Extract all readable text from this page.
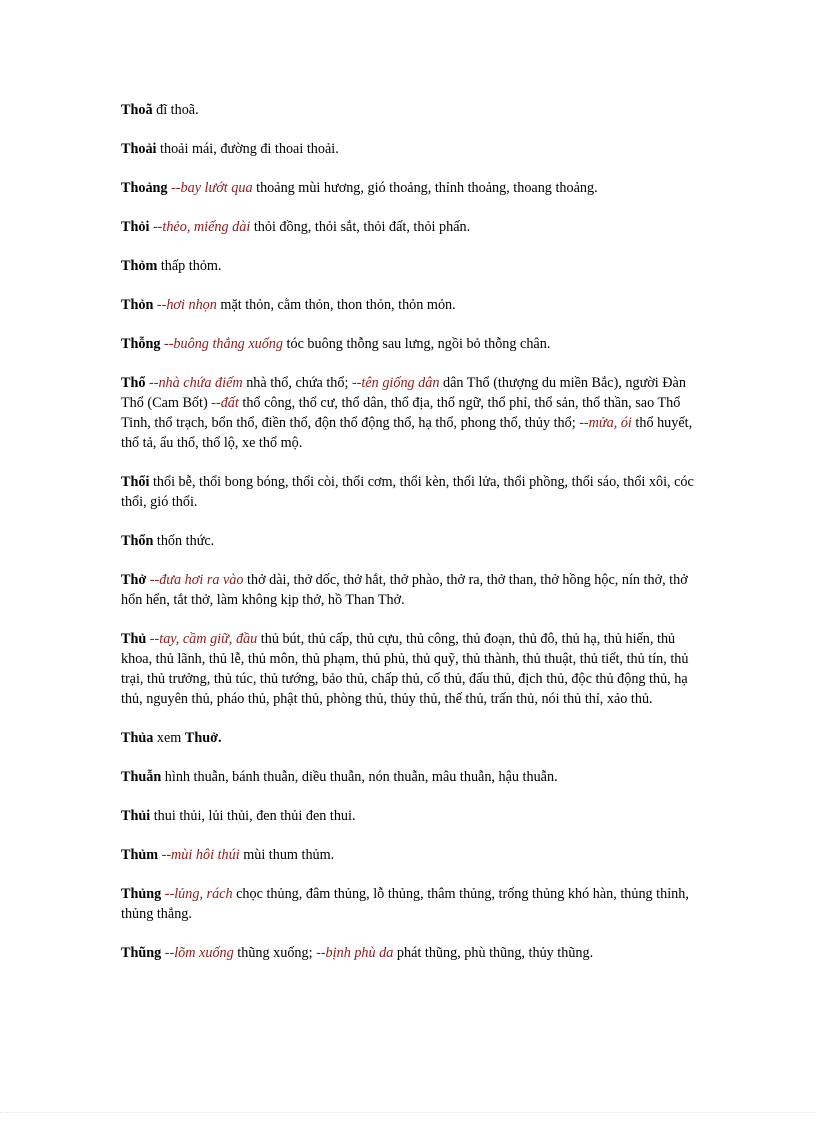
Thoã đĩ thoã.

Thoải thoải mái, đường đi thoai thoải.

Thoảng --bay lướt qua thoảng mùi hương, gió thoảng, thỉnh thoảng, thoang thoảng.

Thỏi --thẻo, miếng dài thỏi đồng, thỏi sắt, thỏi đất, thỏi phấn.

Thỏm thấp thỏm.

Thỏn --hơi nhọn mặt thỏn, cằm thỏn, thon thỏn, thỏn mỏn.

Thỗng --buông thẳng xuống tóc buông thỗng sau lưng, ngồi bỏ thỗng chân.

Thổ --nhà chứa điếm nhà thổ, chứa thổ; --tên giống dân dân Thổ (thượng du miền Bắc), người Đàn Thổ (Cam Bốt) --đất thổ công, thổ cư, thổ dân, thổ địa, thổ ngữ, thổ phỉ, thổ sản, thổ thần, sao Thổ Tinh, thổ trạch, bổn thổ, điền thổ, độn thổ động thổ, hạ thổ, phong thổ, thủy thổ; --mửa, ói thổ huyết, thổ tả, ẩu thổ, thổ lộ, xe thổ mộ.

Thổi thổi bễ, thổi bong bóng, thổi còi, thổi cơm, thổi kèn, thổi lửa, thổi phồng, thổi sáo, thổi xôi, cóc thổi, gió thổi.

Thổn thổn thức.

Thở --đưa hơi ra vào thở dài, thở dốc, thở hắt, thở phào, thở ra, thở than, thở hồng hộc, nín thở, thở hổn hển, tắt thở, làm không kịp thở, hồ Than Thở.

Thủ --tay, cầm giữ, đầu thủ bút, thủ cấp, thủ cựu, thủ công, thủ đoạn, thủ đô, thủ hạ, thủ hiến, thủ khoa, thủ lãnh, thủ lễ, thủ môn, thủ phạm, thủ phủ, thủ quỹ, thủ thành, thủ thuật, thủ tiết, thủ tín, thủ trại, thủ trưởng, thủ túc, thủ tướng, bảo thủ, chấp thủ, cố thủ, đấu thủ, địch thủ, độc thủ động thủ, hạ thủ, nguyên thủ, pháo thủ, phật thủ, phòng thủ, thủy thủ, thế thủ, trấn thủ, nói thủ thỉ, xảo thủ.

Thủa xem Thuở.

Thuẫn hình thuẫn, bánh thuẫn, diều thuẫn, nón thuẫn, mâu thuẫn, hậu thuẫn.

Thủi thui thủi, lủi thủi, đen thủi đen thui.

Thủm --mùi hôi thúi mùi thum thủm.

Thủng --lủng, rách chọc thủng, đâm thủng, lỗ thủng, thâm thủng, trống thủng khó hàn, thủng thỉnh, thủng thẳng.

Thũng --lõm xuống thũng xuống; --bịnh phù da phát thũng, phù thũng, thủy thũng.
